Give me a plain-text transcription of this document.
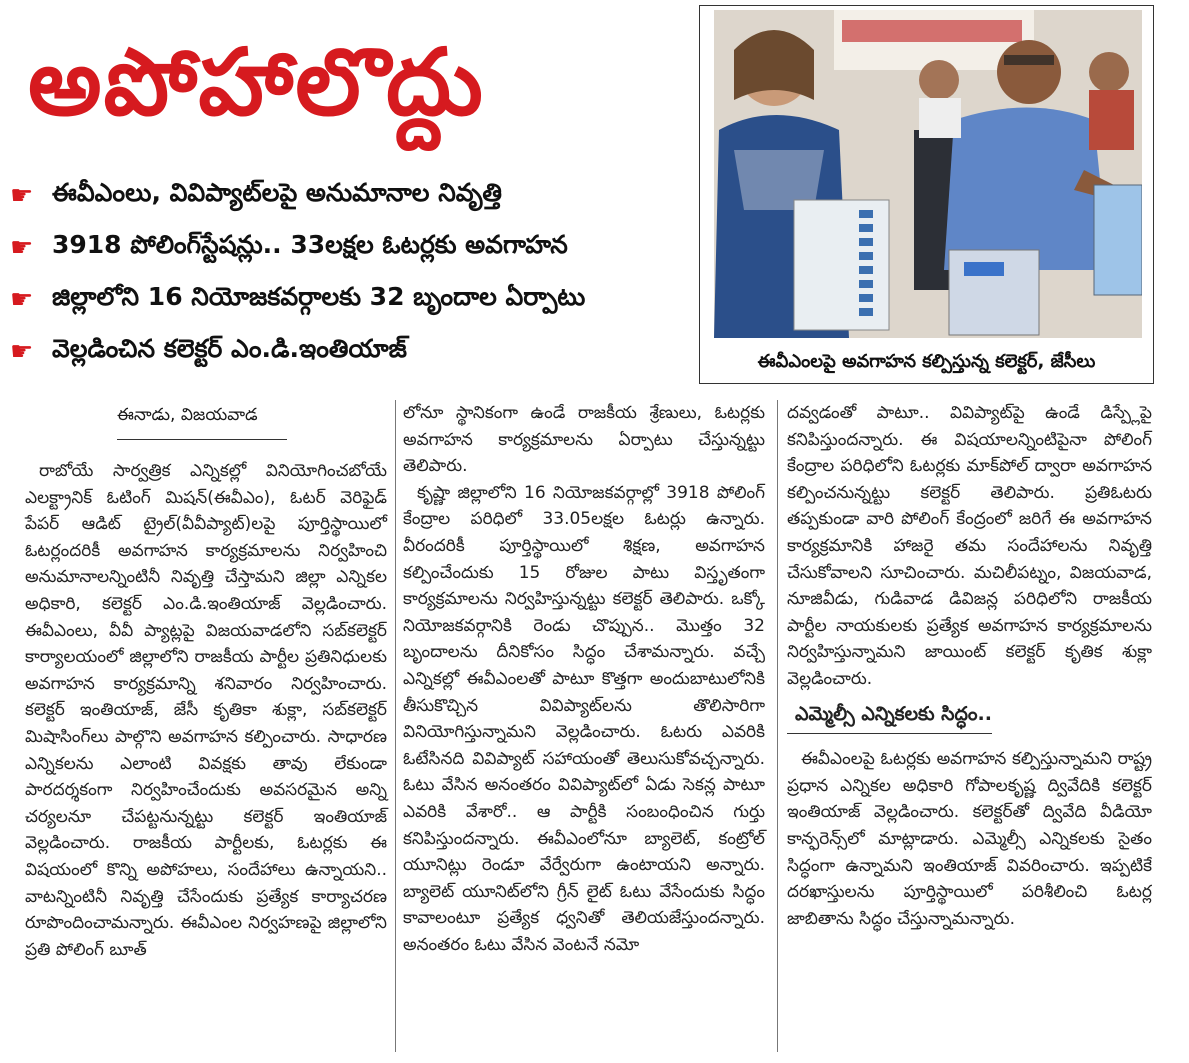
అపోహాలొద్దు
☛ ఈవీఎంలు, వివిప్యాట్‌లపై అనుమానాల నివృత్తి
☛ 3918 పోలింగ్‌స్టేషన్లు.. 33లక్షల ఓటర్లకు అవగాహన
☛ జిల్లాలోని 16 నియోజకవర్గాలకు 32 బృందాల ఏర్పాటు
☛ వెల్లడించిన కలెక్టర్ ఎం.డి.ఇంతియాజ్	ఈవీఎంలపై అవగాహన కల్పిస్తున్న కలెక్టర్, జేసీలు
ఈనాడు, విజయవాడ

రాబోయే సార్వత్రిక ఎన్నికల్లో వినియోగించబోయే ఎలక్ట్రానిక్ ఓటింగ్ మిషన్(ఈవీఎం), ఓటర్ వెరిఫైడ్ పేపర్ ఆడిట్ ట్రైల్(వీవీప్యాట్)లపై పూర్తిస్థాయిలో ఓటర్లందరికీ అవగాహన కార్యక్రమాలను నిర్వహించి అనుమానాలన్నింటినీ నివృత్తి చేస్తామని జిల్లా ఎన్నికల అధికారి, కలెక్టర్ ఎం.డి.ఇంతియాజ్ వెల్లడించారు. ఈవీఎంలు, వీవీ ప్యాట్లపై విజయవాడలోని సబ్‌కలెక్టర్ కార్యాలయంలో జిల్లాలోని రాజకీయ పార్టీల ప్రతినిధులకు అవగాహన కార్యక్రమాన్ని శనివారం నిర్వహించారు. కలెక్టర్ ఇంతియాజ్, జేసీ కృతికా శుక్లా, సబ్‌కలెక్టర్ మిషాసింగ్‌లు పాల్గొని అవగాహన కల్పించారు. సాధారణ ఎన్నికలను ఎలాంటి వివక్షకు తావు లేకుండా పారదర్శకంగా నిర్వహించేందుకు అవసరమైన అన్ని చర్యలనూ చేపట్టనున్నట్టు కలెక్టర్ ఇంతియాజ్ వెల్లడించారు. రాజకీయ పార్టీలకు, ఓటర్లకు ఈ విషయంలో కొన్ని అపోహలు, సందేహాలు ఉన్నాయని.. వాటన్నింటినీ నివృత్తి చేసేందుకు ప్రత్యేక కార్యాచరణ రూపొందించామన్నారు. ఈవీఎంల నిర్వహణపై జిల్లాలోని ప్రతి పోలింగ్ బూత్

లోనూ స్థానికంగా ఉండే రాజకీయ శ్రేణులు, ఓటర్లకు అవగాహన కార్యక్రమాలను ఏర్పాటు చేస్తున్నట్టు తెలిపారు.

కృష్ణా జిల్లాలోని 16 నియోజకవర్గాల్లో 3918 పోలింగ్ కేంద్రాల పరిధిలో 33.05లక్షల ఓటర్లు ఉన్నారు. వీరందరికీ పూర్తిస్థాయిలో శిక్షణ, అవగాహన కల్పించేందుకు 15 రోజుల పాటు విస్తృతంగా కార్యక్రమాలను నిర్వహిస్తున్నట్టు కలెక్టర్ తెలిపారు. ఒక్కో నియోజకవర్గానికి రెండు చొప్పున.. మొత్తం 32 బృందాలను దీనికోసం సిద్ధం చేశామన్నారు. వచ్చే ఎన్నికల్లో ఈవీఎంలతో పాటూ కొత్తగా అందుబాటులోనికి తీసుకొచ్చిన వివిప్యాట్‌లను తొలిసారిగా వినియోగిస్తున్నామని వెల్లడించారు. ఓటరు ఎవరికి ఓటేసినది వివిప్యాట్ సహాయంతో తెలుసుకోవచ్చన్నారు. ఓటు వేసిన అనంతరం వివిప్యాట్‌లో ఏడు సెకన్ల పాటూ ఎవరికి వేశారో.. ఆ పార్టీకి సంబంధించిన గుర్తు కనిపిస్తుందన్నారు. ఈవీఎంలోనూ బ్యాలెట్, కంట్రోల్ యూనిట్లు రెండూ వేర్వేరుగా ఉంటాయని అన్నారు. బ్యాలెట్ యూనిట్‌లోని గ్రీన్ లైట్ ఓటు వేసేందుకు సిద్ధం కావాలంటూ ప్రత్యేక ధ్వనితో తెలియజేస్తుందన్నారు. అనంతరం ఓటు వేసిన వెంటనే నమో

దవ్వడంతో పాటూ.. వివిప్యాట్‌పై ఉండే డిస్ప్లేపై కనిపిస్తుందన్నారు. ఈ విషయాలన్నింటిపైనా పోలింగ్ కేంద్రాల పరిధిలోని ఓటర్లకు మాక్‌పోల్ ద్వారా అవగాహన కల్పించనున్నట్టు కలెక్టర్ తెలిపారు. ప్రతిఓటరు తప్పకుండా వారి పోలింగ్ కేంద్రంలో జరిగే ఈ అవగాహన కార్యక్రమానికి హాజరై తమ సందేహాలను నివృత్తి చేసుకోవాలని సూచించారు. మచిలీపట్నం, విజయవాడ, నూజివీడు, గుడివాడ డివిజన్ల పరిధిలోని రాజకీయ పార్టీల నాయకులకు ప్రత్యేక అవగాహన కార్యక్రమాలను నిర్వహిస్తున్నామని జాయింట్ కలెక్టర్ కృతిక శుక్లా వెల్లడించారు.

ఎమ్మెల్సీ ఎన్నికలకు సిద్ధం..

ఈవీఎంలపై ఓటర్లకు అవగాహన కల్పిస్తున్నామని రాష్ట్ర ప్రధాన ఎన్నికల అధికారి గోపాలకృష్ణ ద్వివేదికి కలెక్టర్ ఇంతియాజ్ వెల్లడించారు. కలెక్టర్‌తో ద్వివేది వీడియో కాన్ఫరెన్స్‌లో మాట్లాడారు. ఎమ్మెల్సీ ఎన్నికలకు సైతం సిద్ధంగా ఉన్నామని ఇంతియాజ్ వివరించారు. ఇప్పటికే దరఖాస్తులను పూర్తిస్థాయిలో పరిశీలించి ఓటర్ల జాబితాను సిద్ధం చేస్తున్నామన్నారు.
